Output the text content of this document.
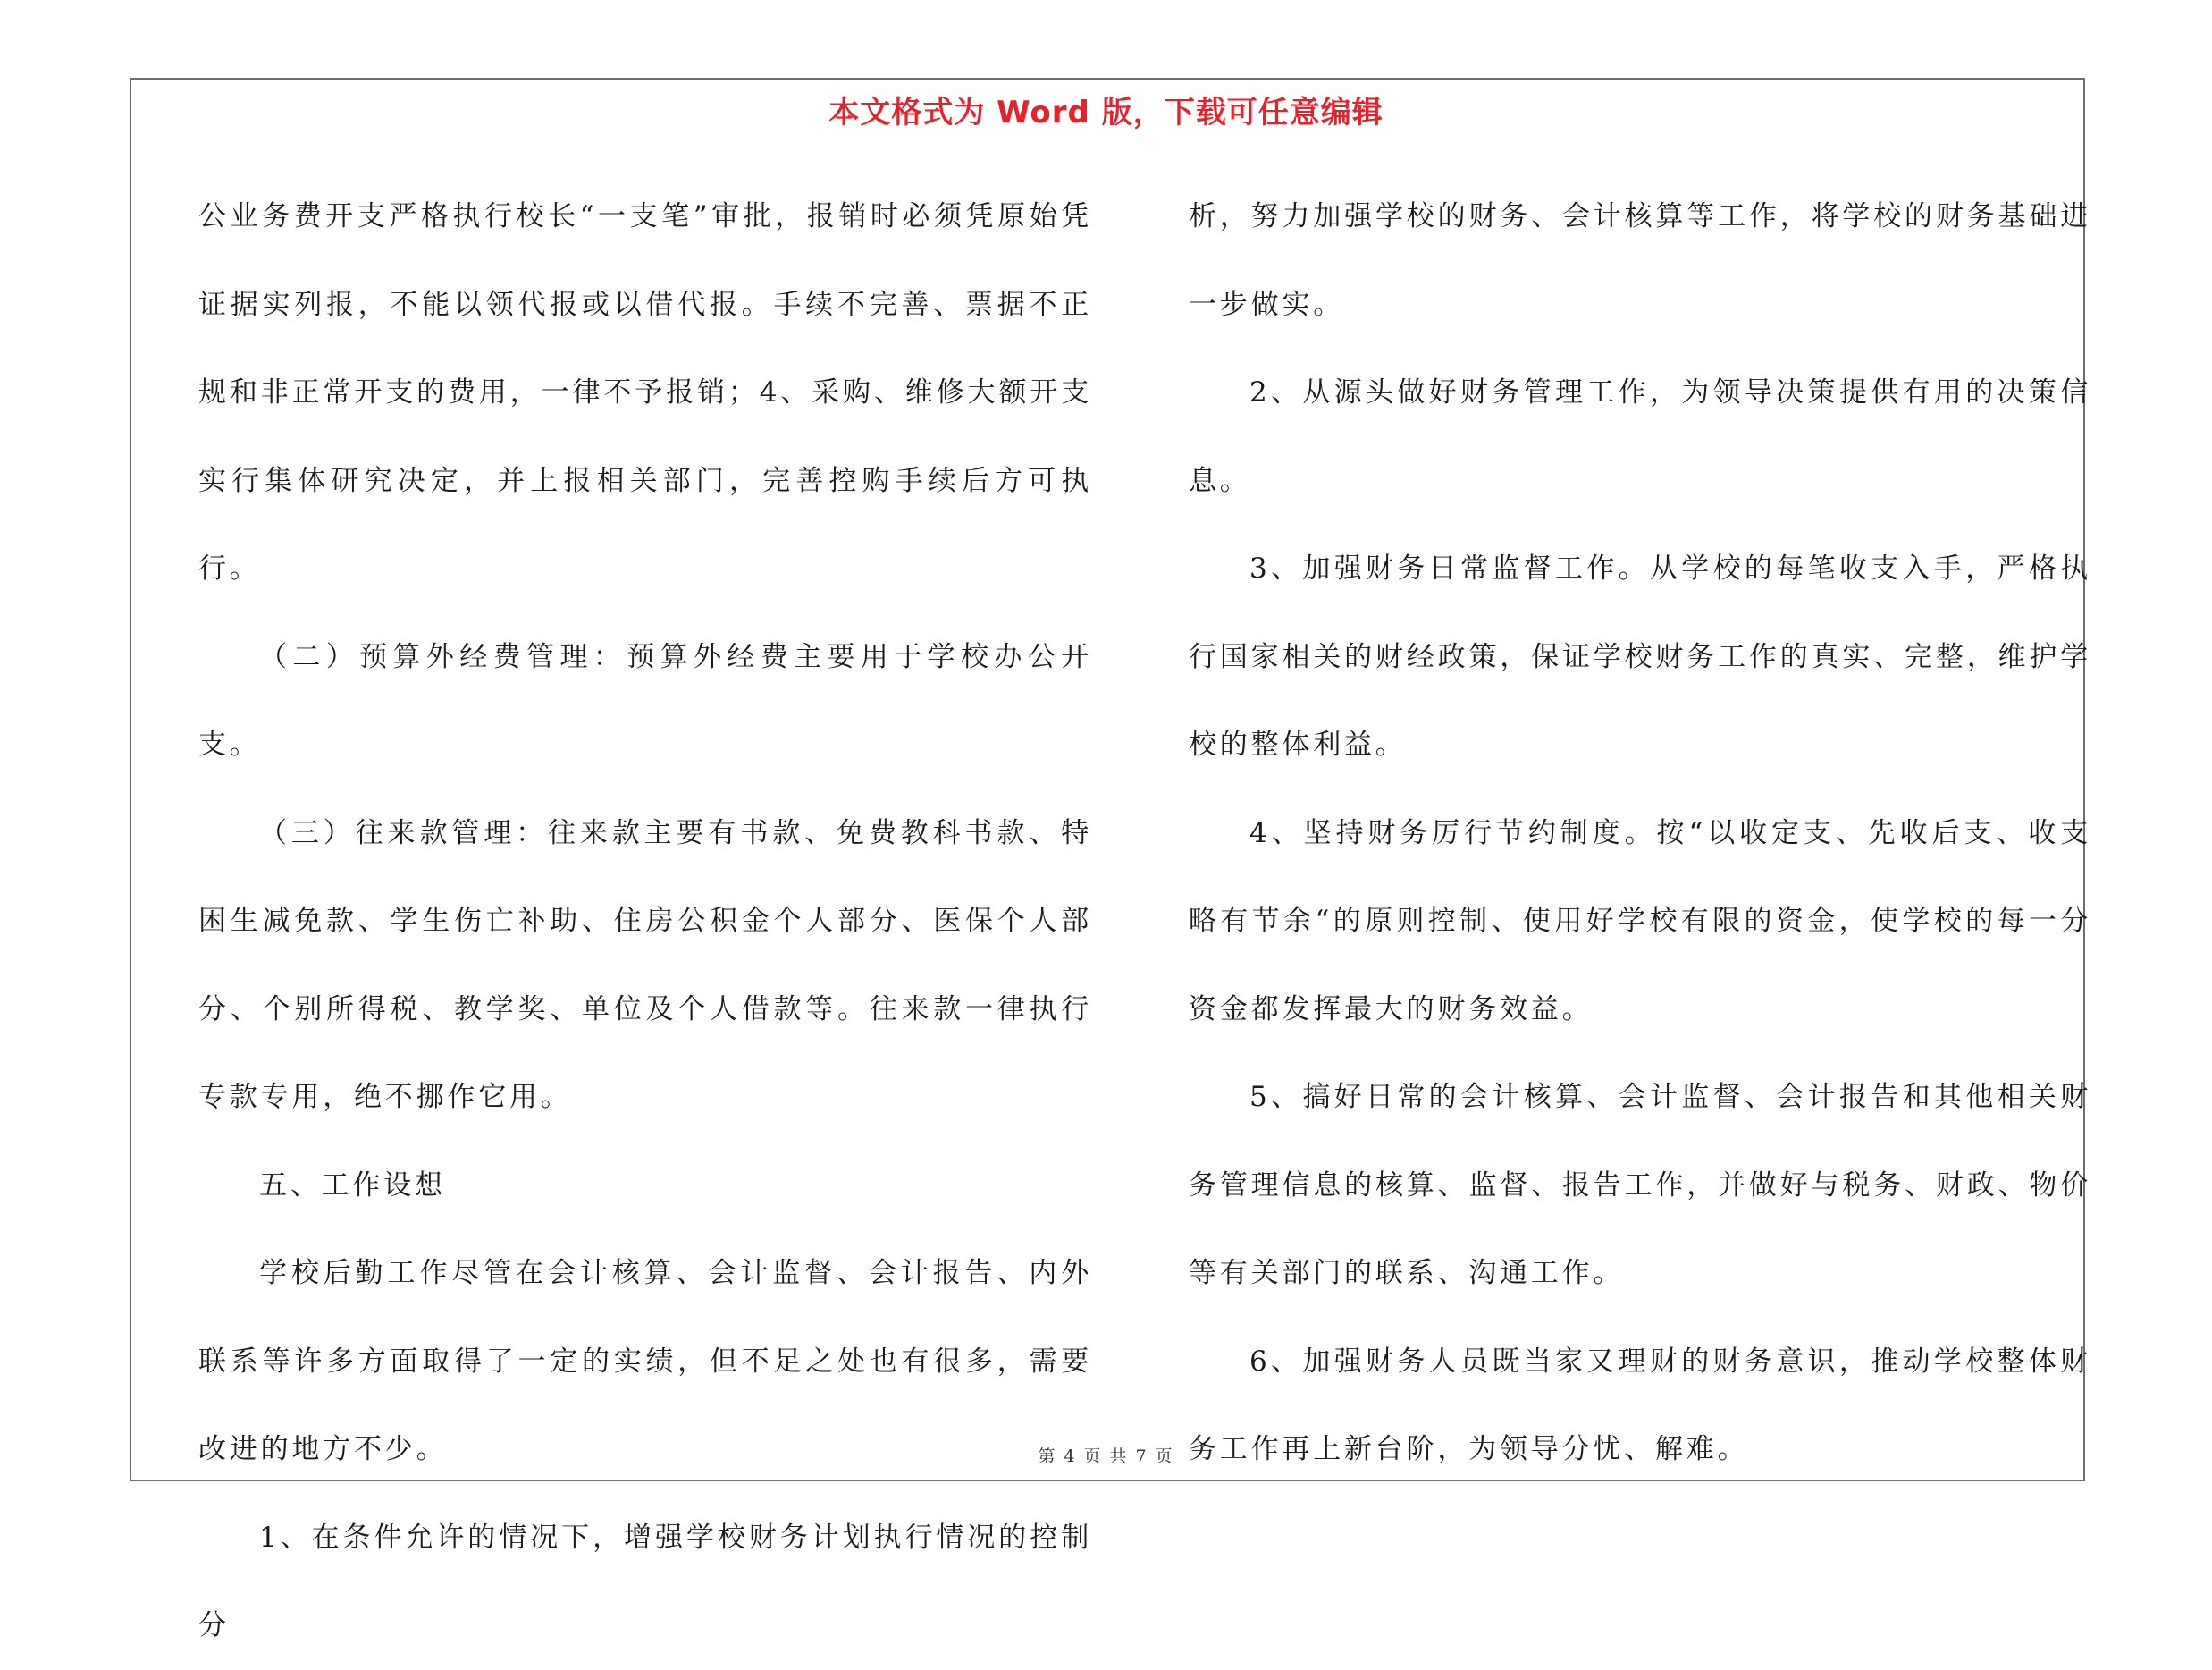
本文格式为 Word 版，下载可任意编辑

公业务费开支严格执行校长“一支笔”审批，报销时必须凭原始凭证据实列报，不能以领代报或以借代报。手续不完善、票据不正规和非正常开支的费用，一律不予报销；4、采购、维修大额开支实行集体研究决定，并上报相关部门，完善控购手续后方可执行。

（二）预算外经费管理：预算外经费主要用于学校办公开支。

（三）往来款管理：往来款主要有书款、免费教科书款、特困生减免款、学生伤亡补助、住房公积金个人部分、医保个人部分、个别所得税、教学奖、单位及个人借款等。往来款一律执行专款专用，绝不挪作它用。

五、工作设想

学校后勤工作尽管在会计核算、会计监督、会计报告、内外联系等许多方面取得了一定的实绩，但不足之处也有很多，需要改进的地方不少。

1、在条件允许的情况下，增强学校财务计划执行情况的控制分

析，努力加强学校的财务、会计核算等工作，将学校的财务基础进一步做实。

2、从源头做好财务管理工作，为领导决策提供有用的决策信息。

3、加强财务日常监督工作。从学校的每笔收支入手，严格执行国家相关的财经政策，保证学校财务工作的真实、完整，维护学校的整体利益。

4、坚持财务厉行节约制度。按“以收定支、先收后支、收支略有节余“的原则控制、使用好学校有限的资金，使学校的每一分资金都发挥最大的财务效益。

5、搞好日常的会计核算、会计监督、会计报告和其他相关财务管理信息的核算、监督、报告工作，并做好与税务、财政、物价等有关部门的联系、沟通工作。

6、加强财务人员既当家又理财的财务意识，推动学校整体财务工作再上新台阶，为领导分忧、解难。

第 4 页 共 7 页
